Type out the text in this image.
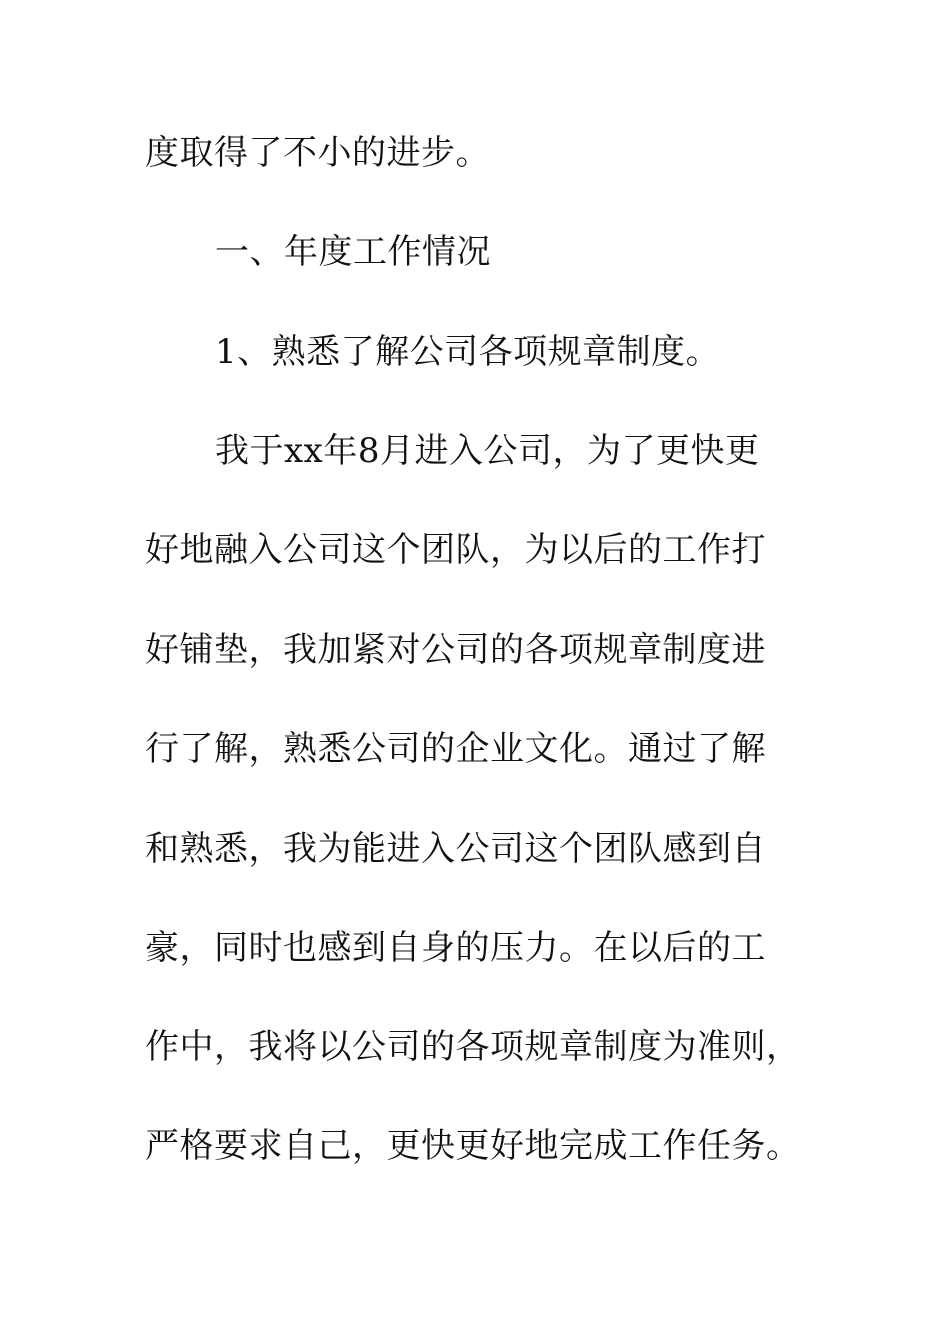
度取得了不小的进步。
一、年度工作情况
1、熟悉了解公司各项规章制度。
我于xx年8月进入公司，为了更快更
好地融入公司这个团队，为以后的工作打
好铺垫，我加紧对公司的各项规章制度进
行了解，熟悉公司的企业文化。通过了解
和熟悉，我为能进入公司这个团队感到自
豪，同时也感到自身的压力。在以后的工
作中，我将以公司的各项规章制度为准则，
严格要求自己，更快更好地完成工作任务。
